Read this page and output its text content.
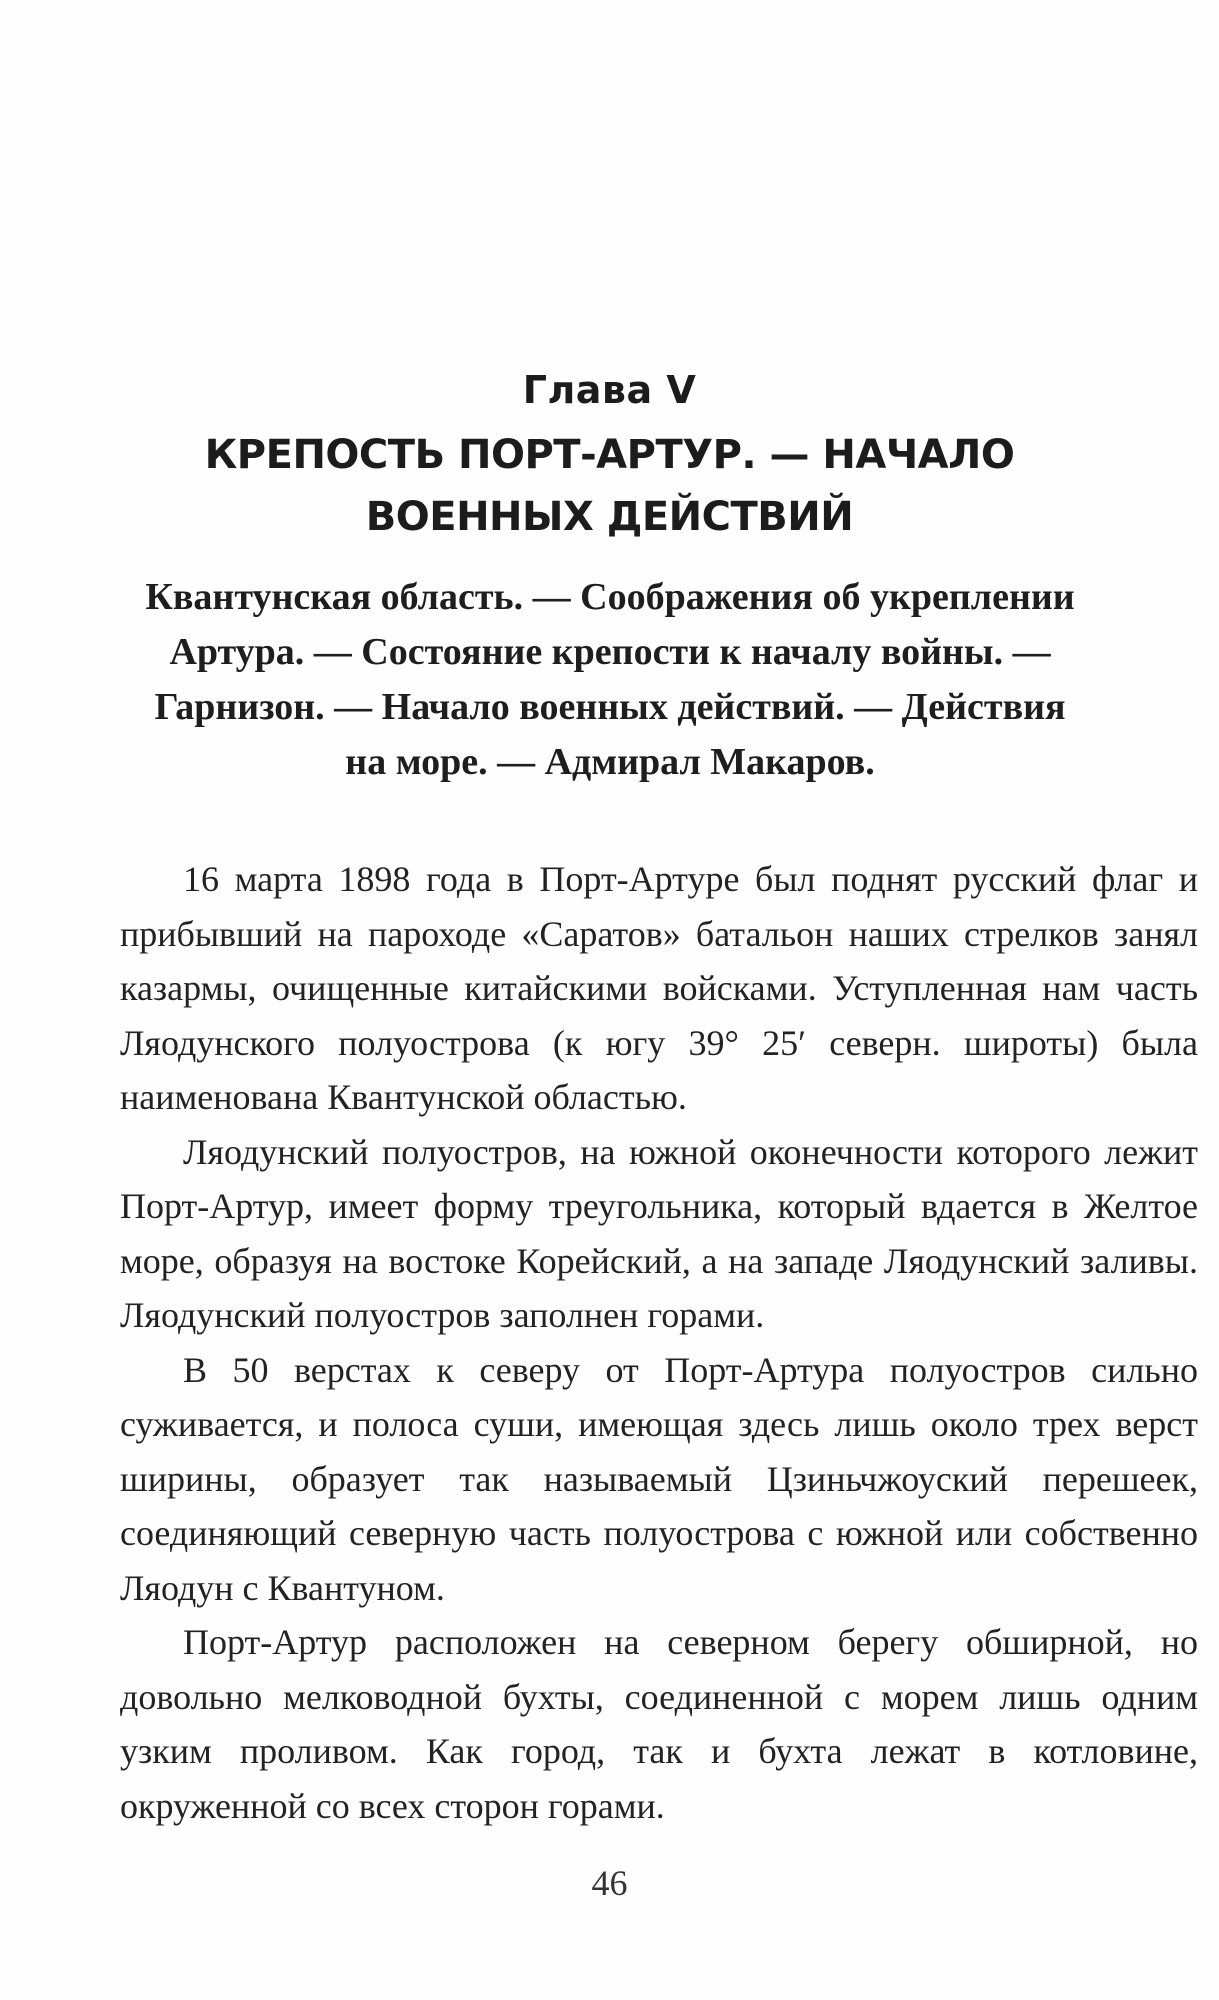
Глава V
КРЕПОСТЬ ПОРТ-АРТУР. — НАЧАЛО ВОЕННЫХ ДЕЙСТВИЙ
Квантунская область. — Соображения об укреплении Артура. — Состояние крепости к началу войны. — Гарнизон. — Начало военных действий. — Действия на море. — Адмирал Макаров.

16 марта 1898 года в Порт-Артуре был поднят русский флаг и прибывший на пароходе «Саратов» батальон наших стрелков занял казармы, очищенные китайскими войсками. Уступленная нам часть Ляодунского полуострова (к югу 39° 25′ северн. широты) была наименована Квантунской областью.

Ляодунский полуостров, на южной оконечности которого лежит Порт-Артур, имеет форму треугольника, который вдается в Желтое море, образуя на востоке Корейский, а на западе Ляодунский заливы. Ляодунский полуостров заполнен горами.

В 50 верстах к северу от Порт-Артура полуостров сильно суживается, и полоса суши, имеющая здесь лишь около трех верст ширины, образует так называемый Цзиньчжоуский перешеек, соединяющий северную часть полуострова с южной или собственно Ляодун с Квантуном.

Порт-Артур расположен на северном берегу обширной, но довольно мелководной бухты, соединенной с морем лишь одним узким проливом. Как город, так и бухта лежат в котловине, окруженной со всех сторон горами.

46
